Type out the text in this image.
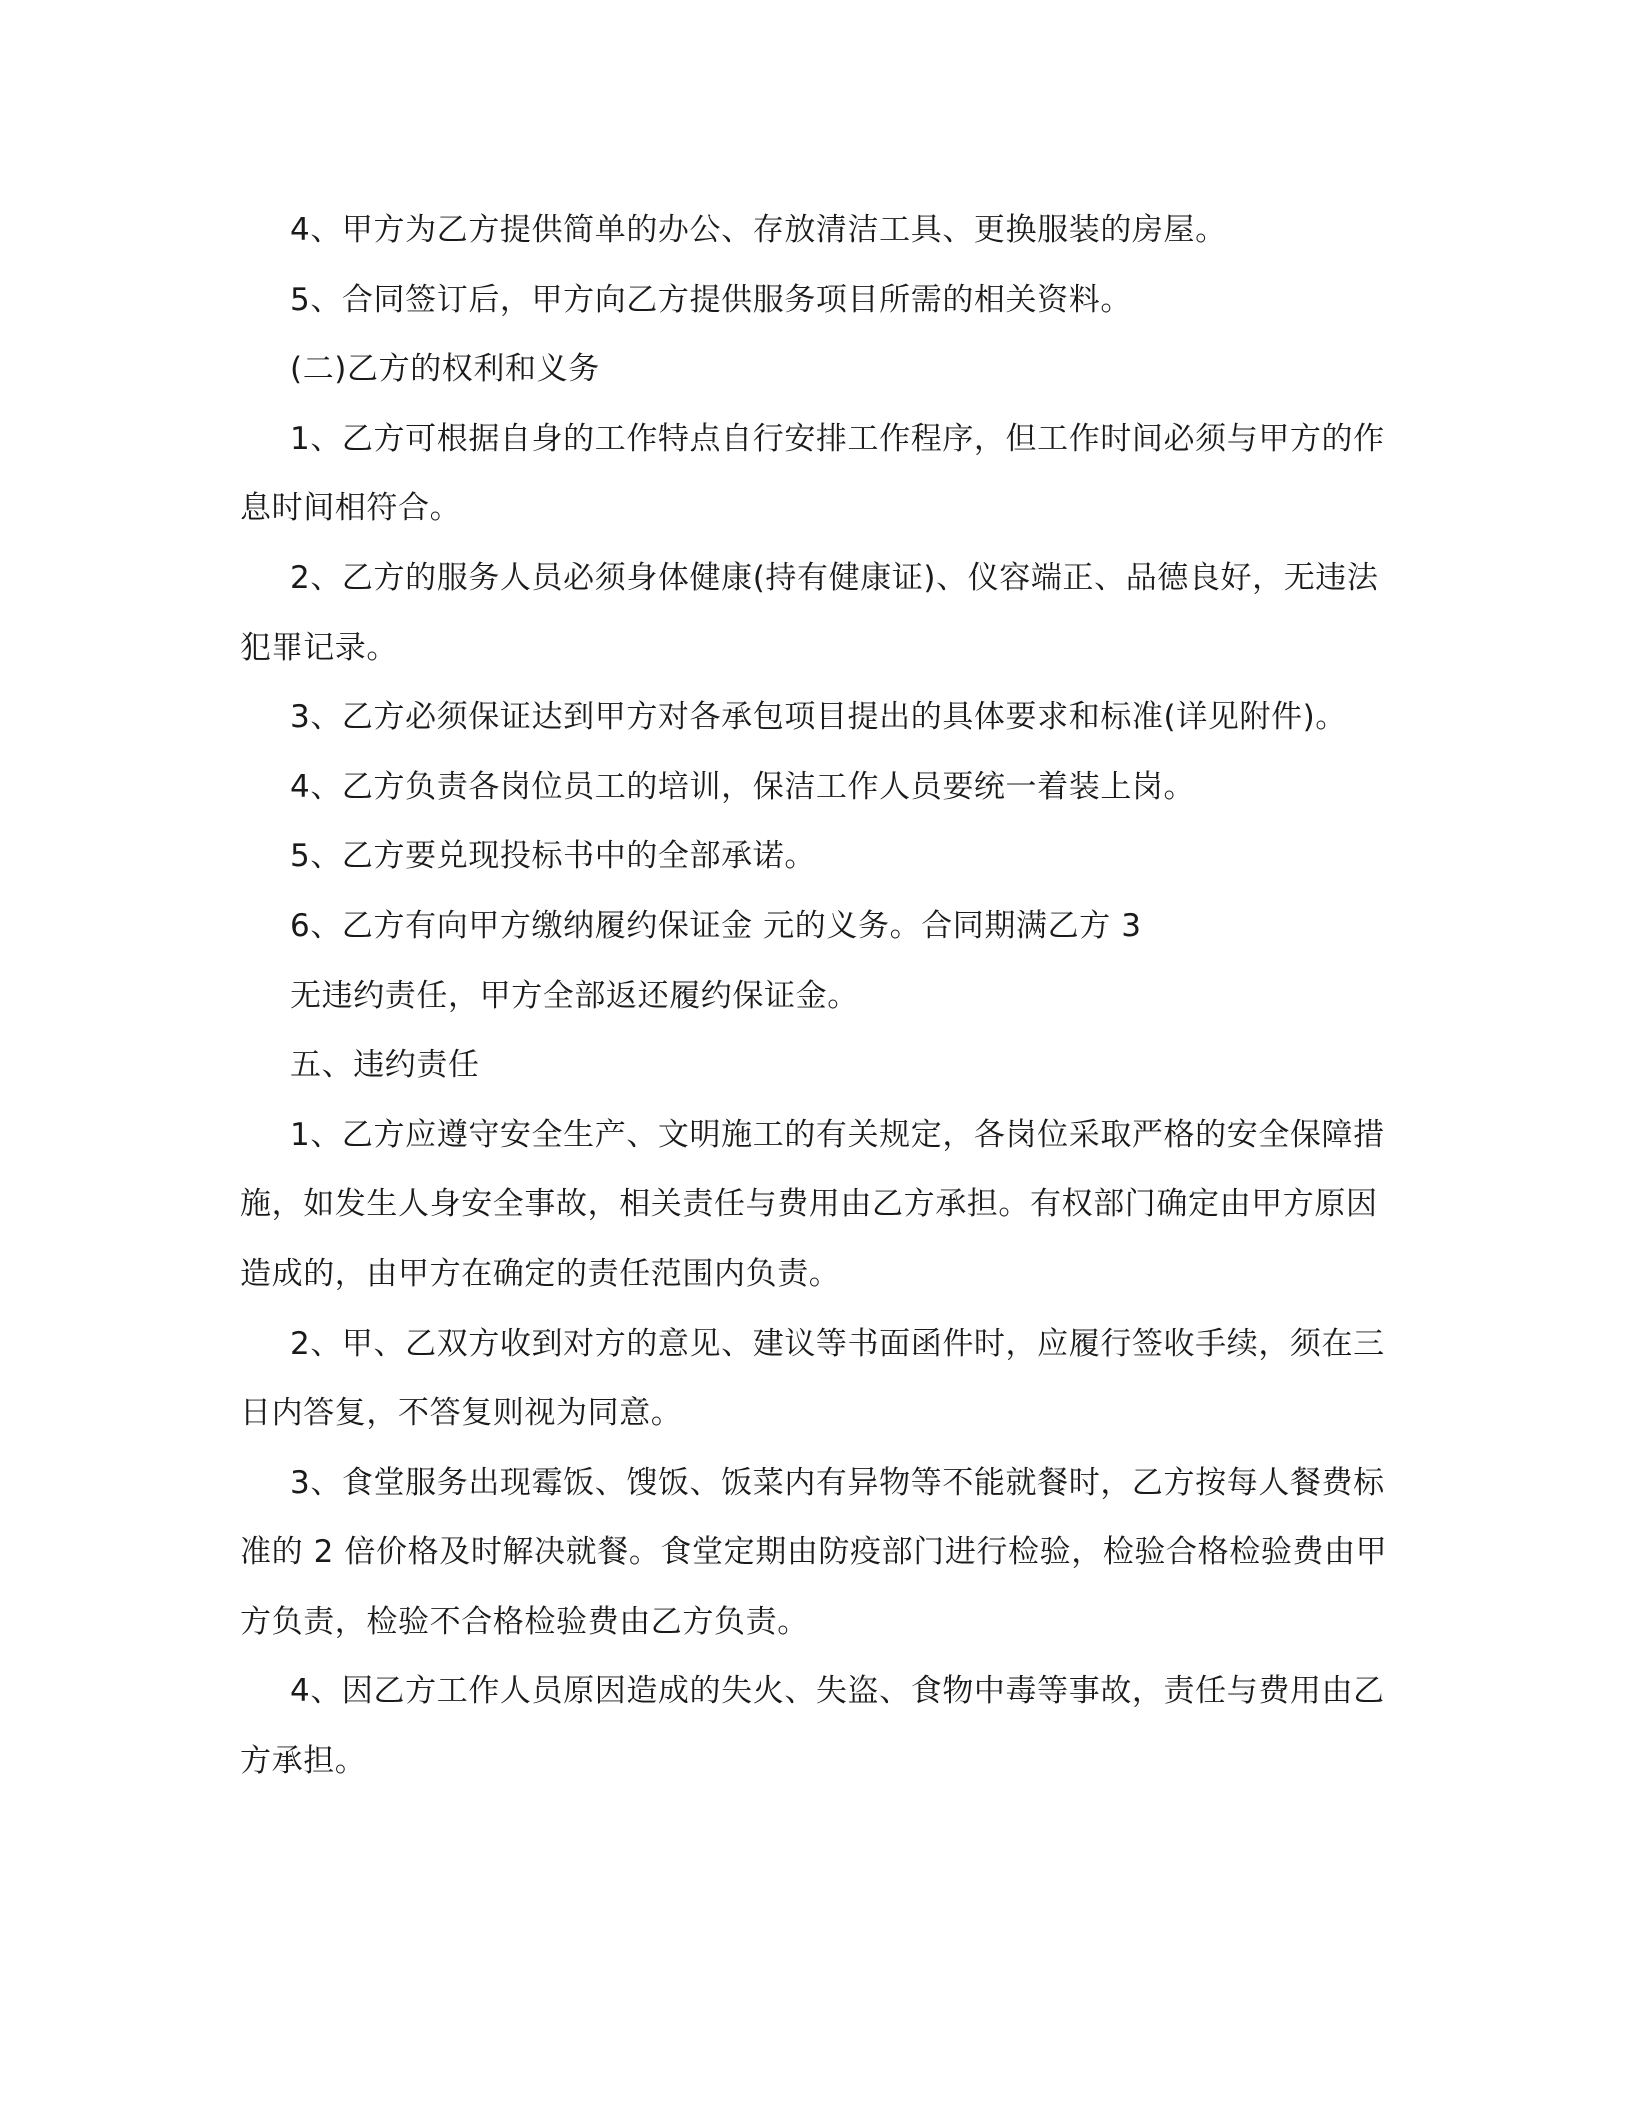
4、甲方为乙方提供简单的办公、存放清洁工具、更换服装的房屋。

5、合同签订后，甲方向乙方提供服务项目所需的相关资料。

(二)乙方的权利和义务

1、乙方可根据自身的工作特点自行安排工作程序，但工作时间必须与甲方的作息时间相符合。

2、乙方的服务人员必须身体健康(持有健康证)、仪容端正、品德良好，无违法犯罪记录。

3、乙方必须保证达到甲方对各承包项目提出的具体要求和标准(详见附件)。

4、乙方负责各岗位员工的培训，保洁工作人员要统一着装上岗。

5、乙方要兑现投标书中的全部承诺。

6、乙方有向甲方缴纳履约保证金 元的义务。合同期满乙方 3

无违约责任，甲方全部返还履约保证金。

五、违约责任

1、乙方应遵守安全生产、文明施工的有关规定，各岗位采取严格的安全保障措施，如发生人身安全事故，相关责任与费用由乙方承担。有权部门确定由甲方原因造成的，由甲方在确定的责任范围内负责。

2、甲、乙双方收到对方的意见、建议等书面函件时，应履行签收手续，须在三日内答复，不答复则视为同意。

3、食堂服务出现霉饭、馊饭、饭菜内有异物等不能就餐时，乙方按每人餐费标准的 2 倍价格及时解决就餐。食堂定期由防疫部门进行检验，检验合格检验费由甲方负责，检验不合格检验费由乙方负责。

4、因乙方工作人员原因造成的失火、失盗、食物中毒等事故，责任与费用由乙方承担。
